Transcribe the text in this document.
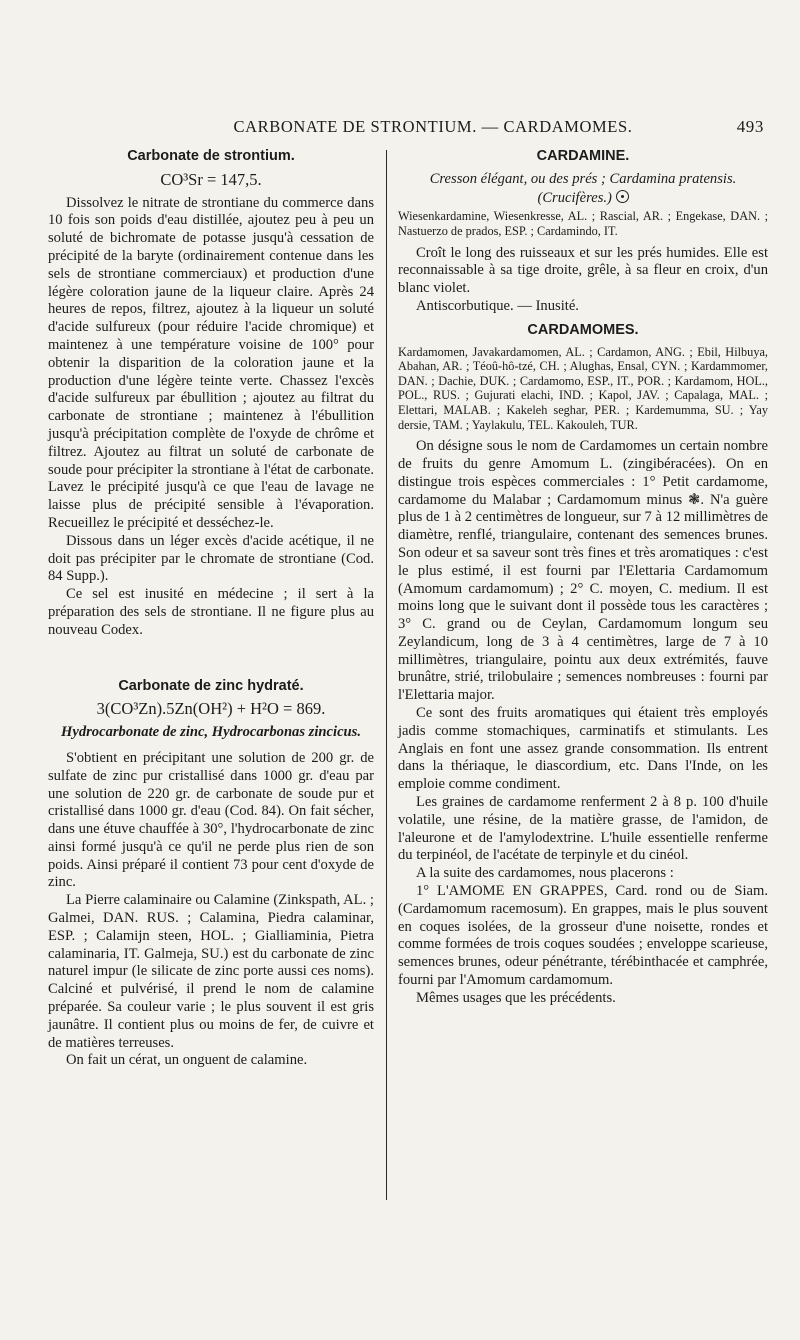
CARBONATE DE STRONTIUM. — CARDAMOMES.	493
Carbonate de strontium.
CO³Sr = 147,5.

Dissolvez le nitrate de strontiane du commerce dans 10 fois son poids d'eau distillée, ajoutez peu à peu un soluté de bichromate de potasse jusqu'à cessation de précipité de la baryte (ordinairement contenue dans les sels de strontiane commerciaux) et production d'une légère coloration jaune de la liqueur claire. Après 24 heures de repos, filtrez, ajoutez à la liqueur un soluté d'acide sulfureux (pour réduire l'acide chromique) et maintenez à une température voisine de 100° pour obtenir la disparition de la coloration jaune et la production d'une légère teinte verte. Chassez l'excès d'acide sulfureux par ébullition ; ajoutez au filtrat du carbonate de strontiane ; maintenez à l'ébullition jusqu'à précipitation complète de l'oxyde de chrôme et filtrez. Ajoutez au filtrat un soluté de carbonate de soude pour précipiter la strontiane à l'état de carbonate. Lavez le précipité jusqu'à ce que l'eau de lavage ne laisse plus de précipité sensible à l'évaporation. Recueillez le précipité et desséchez-le.

Dissous dans un léger excès d'acide acétique, il ne doit pas précipiter par le chromate de strontiane (Cod. 84 Supp.).

Ce sel est inusité en médecine ; il sert à la préparation des sels de strontiane. Il ne figure plus au nouveau Codex.

Carbonate de zinc hydraté.
3(CO³Zn).5Zn(OH²) + H²O = 869.

Hydrocarbonate de zinc, Hydrocarbonas zincicus.

S'obtient en précipitant une solution de 200 gr. de sulfate de zinc pur cristallisé dans 1000 gr. d'eau par une solution de 220 gr. de carbonate de soude pur et cristallisé dans 1000 gr. d'eau (Cod. 84). On fait sécher, dans une étuve chauffée à 30°, l'hydrocarbonate de zinc ainsi formé jusqu'à ce qu'il ne perde plus rien de son poids. Ainsi préparé il contient 73 pour cent d'oxyde de zinc.

La Pierre calaminaire ou Calamine (Zinkspath, AL. ; Galmei, DAN. RUS. ; Calamina, Piedra calaminar, ESP. ; Calamijn steen, HOL. ; Gialliaminia, Pietra calaminaria, IT. Galmeja, SU.) est du carbonate de zinc naturel impur (le silicate de zinc porte aussi ces noms). Calciné et pulvérisé, il prend le nom de calamine préparée. Sa couleur varie ; le plus souvent il est gris jaunâtre. Il contient plus ou moins de fer, de cuivre et de matières terreuses.

On fait un cérat, un onguent de calamine.

CARDAMINE.

Cresson élégant, ou des prés ; Cardamina pratensis. (Crucifères.)

Wiesenkardamine, Wiesenkresse, AL. ; Rascial, AR. ; Engekase, DAN. ; Nastuerzo de prados, ESP. ; Cardamindo, IT.

Croît le long des ruisseaux et sur les prés humides. Elle est reconnaissable à sa tige droite, grêle, à sa fleur en croix, d'un blanc violet.

Antiscorbutique. — Inusité.

CARDAMOMES.

Kardamomen, Javakardamomen, AL. ; Cardamon, ANG. ; Ebil, Hilbuya, Abahan, AR. ; Téoû-hô-tzé, CH. ; Alughas, Ensal, CYN. ; Kardammomer, DAN. ; Dachie, DUK. ; Cardamomo, ESP., IT., POR. ; Kardamom, HOL., POL., RUS. ; Gujurati elachi, IND. ; Kapol, JAV. ; Capalaga, MAL. ; Elettari, MALAB. ; Kakeleh seghar, PER. ; Kardemumma, SU. ; Yay dersie, TAM. ; Yaylakulu, TEL. Kakouleh, TUR.

On désigne sous le nom de Cardamomes un certain nombre de fruits du genre Amomum L. (zingibéracées). On en distingue trois espèces commerciales : 1° Petit cardamome, cardamome du Malabar ; Cardamomum minus ❃. N'a guère plus de 1 à 2 centimètres de longueur, sur 7 à 12 millimètres de diamètre, renflé, triangulaire, contenant des semences brunes. Son odeur et sa saveur sont très fines et très aromatiques : c'est le plus estimé, il est fourni par l'Elettaria Cardamomum (Amomum cardamomum) ; 2° C. moyen, C. medium. Il est moins long que le suivant dont il possède tous les caractères ; 3° C. grand ou de Ceylan, Cardamomum longum seu Zeylandicum, long de 3 à 4 centimètres, large de 7 à 10 millimètres, triangulaire, pointu aux deux extrémités, fauve brunâtre, strié, trilobulaire ; semences nombreuses : fourni par l'Elettaria major.

Ce sont des fruits aromatiques qui étaient très employés jadis comme stomachiques, carminatifs et stimulants. Les Anglais en font une assez grande consommation. Ils entrent dans la thériaque, le diascordium, etc. Dans l'Inde, on les emploie comme condiment.

Les graines de cardamome renferment 2 à 8 p. 100 d'huile volatile, une résine, de la matière grasse, de l'amidon, de l'aleurone et de l'amylodextrine. L'huile essentielle renferme du terpinéol, de l'acétate de terpinyle et du cinéol.

A la suite des cardamomes, nous placerons :

1° L'AMOME EN GRAPPES, Card. rond ou de Siam. (Cardamomum racemosum). En grappes, mais le plus souvent en coques isolées, de la grosseur d'une noisette, rondes et comme formées de trois coques soudées ; enveloppe scarieuse, semences brunes, odeur pénétrante, térébinthacée et camphrée, fourni par l'Amomum cardamomum.

Mêmes usages que les précédents.
